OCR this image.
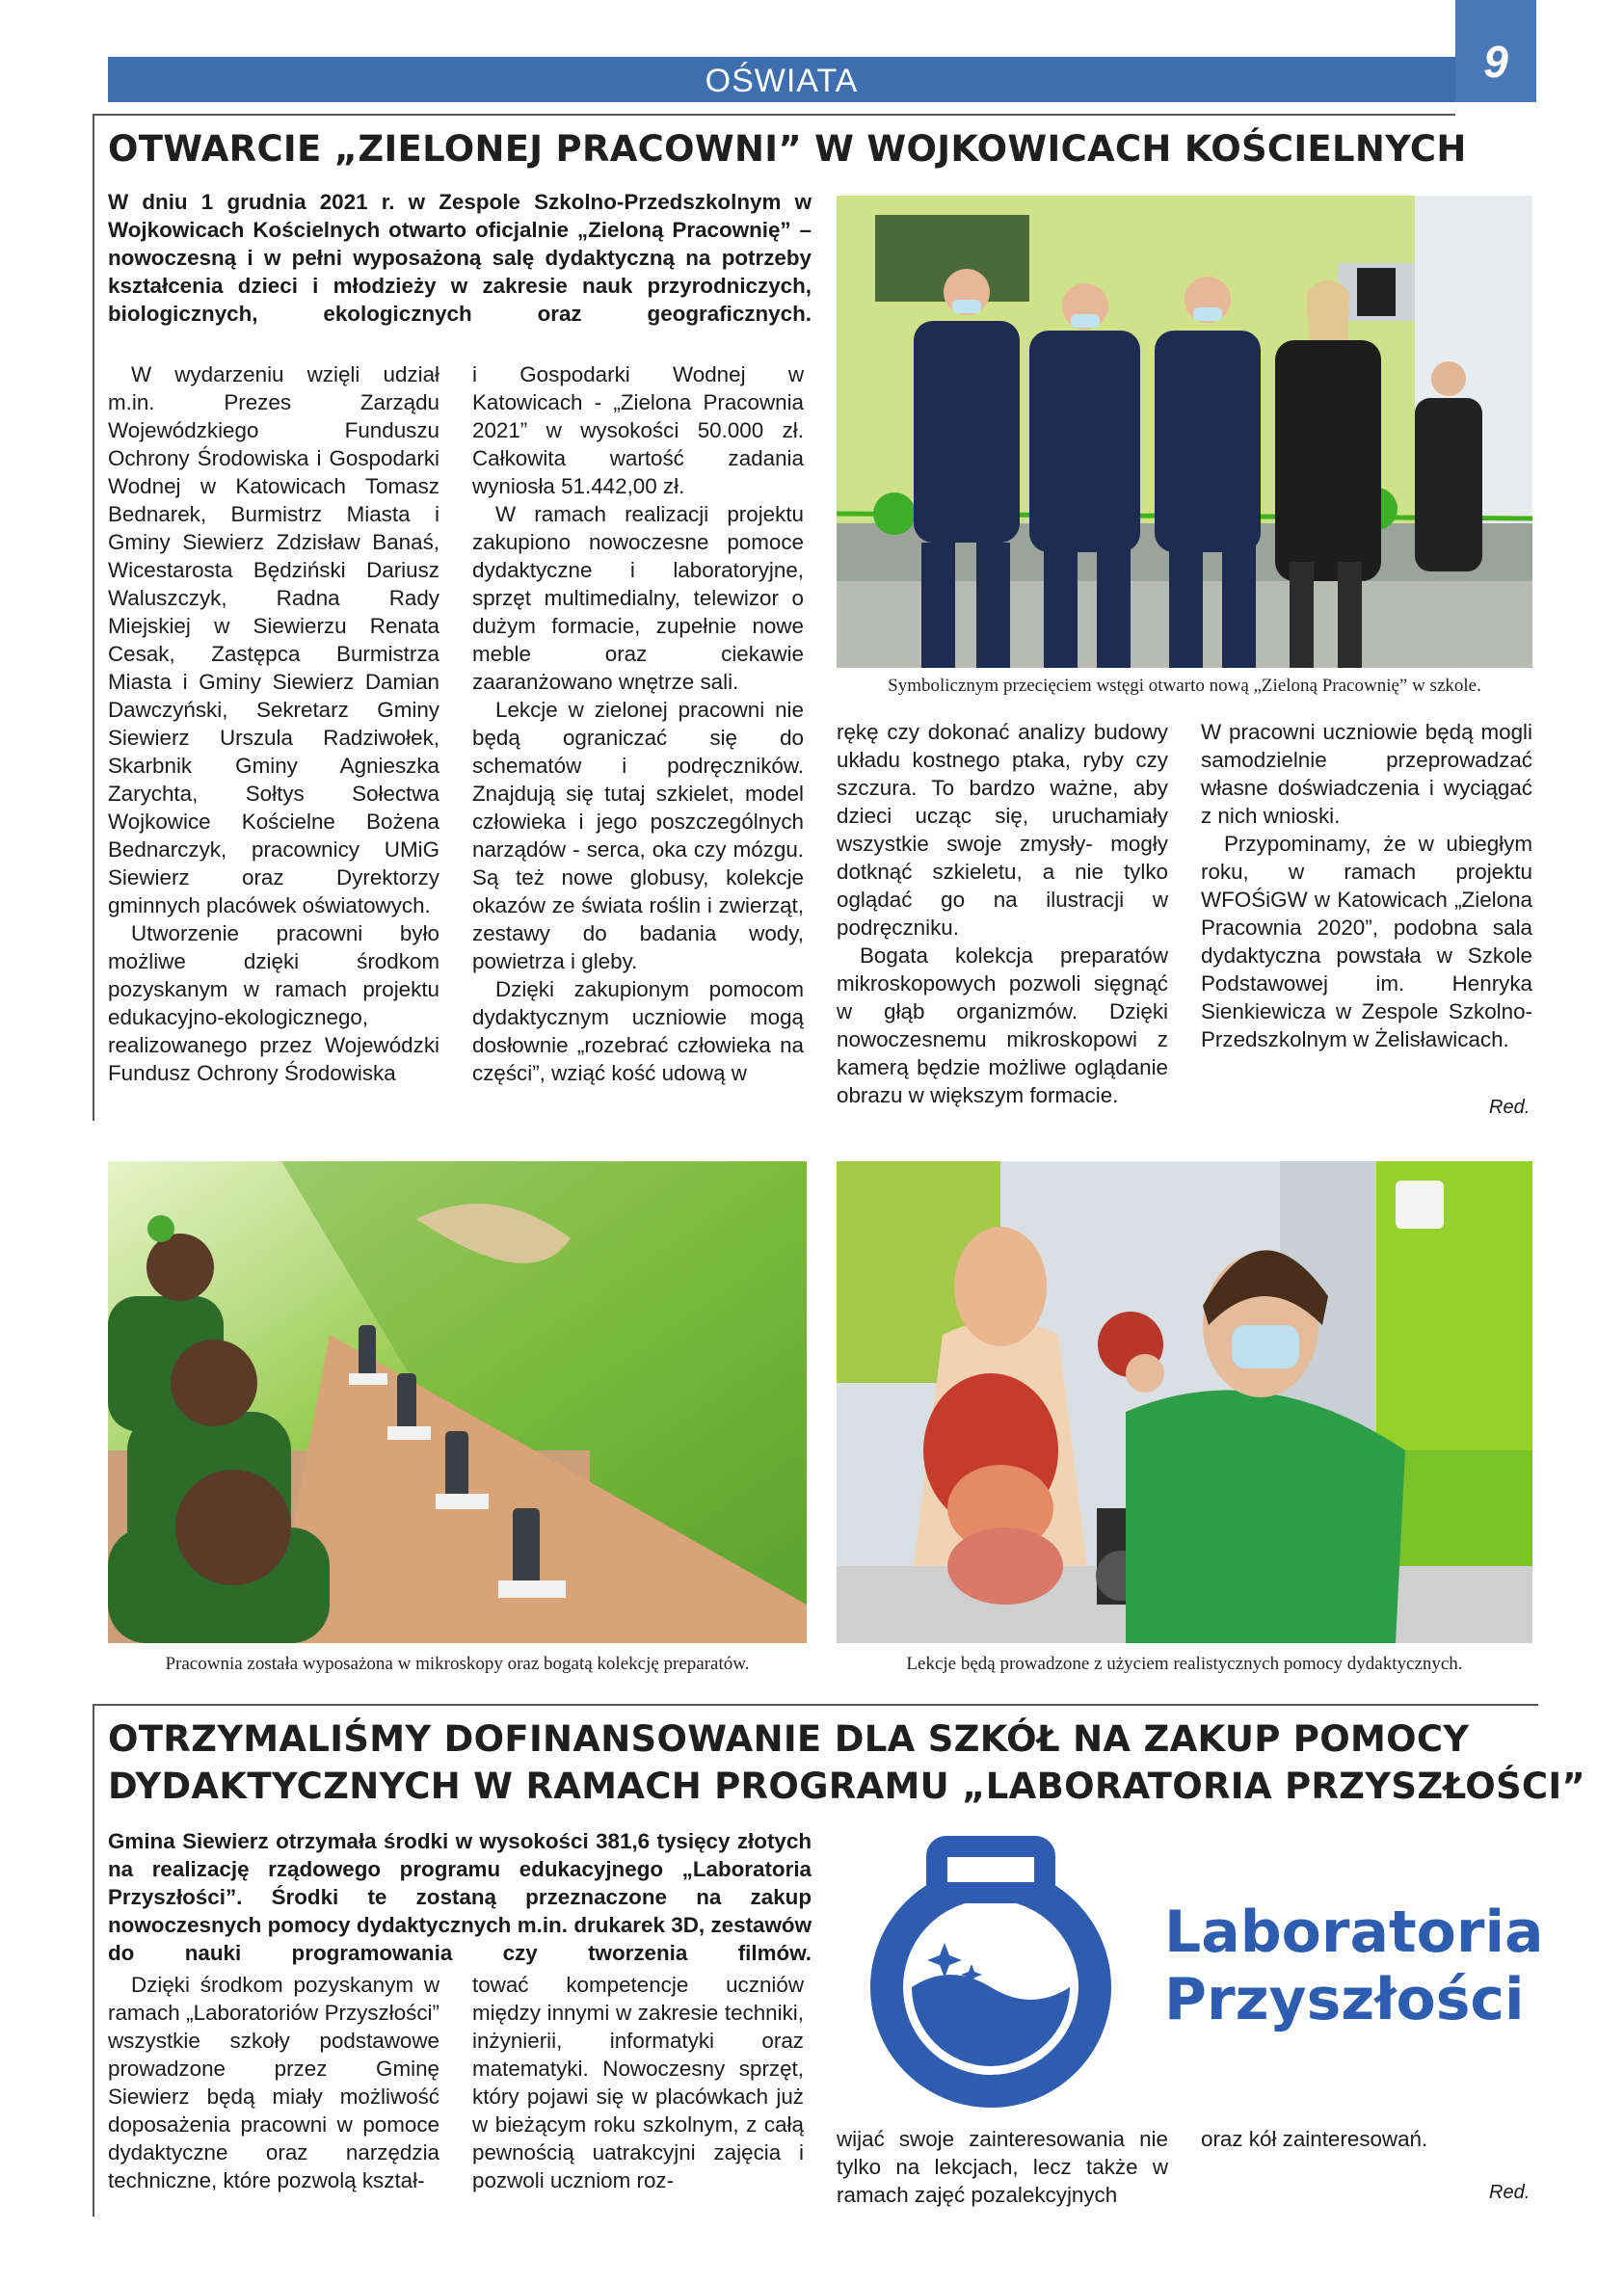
OŚWIATA	9
OTWARCIE „ZIELONEJ PRACOWNI” W WOJKOWICACH KOŚCIELNYCH
W dniu 1 grudnia 2021 r. w Zespole Szkolno-Przedszkolnym w Wojkowicach Kościelnych otwarto oficjalnie „Zieloną Pracownię” – nowoczesną i w pełni wyposażoną salę dydaktyczną na potrzeby kształcenia dzieci i młodzieży w zakresie nauk przyrodniczych, biologicznych, ekologicznych oraz geograficznych.

W wydarzeniu wzięli udział m.in. Prezes Zarządu Wojewódzkiego Funduszu Ochrony Środowiska i Gospodarki Wodnej w Katowicach Tomasz Bednarek, Burmistrz Miasta i Gminy Siewierz Zdzisław Banaś, Wicestarosta Będziński Dariusz Waluszczyk, Radna Rady Miejskiej w Siewierzu Renata Cesak, Zastępca Burmistrza Miasta i Gminy Siewierz Damian Dawczyński, Sekretarz Gminy Siewierz Urszula Radziwołek, Skarbnik Gminy Agnieszka Zarychta, Sołtys Sołectwa Wojkowice Kościelne Bożena Bednarczyk, pracownicy UMiG Siewierz oraz Dyrektorzy gminnych placówek oświatowych.

Utworzenie pracowni było możliwe dzięki środkom pozyskanym w ramach projektu edukacyjno-ekologicznego, realizowanego przez Wojewódzki Fundusz Ochrony Środowiska

i Gospodarki Wodnej w Katowicach - „Zielona Pracownia 2021” w wysokości 50.000 zł. Całkowita wartość zadania wyniosła 51.442,00 zł.

W ramach realizacji projektu zakupiono nowoczesne pomoce dydaktyczne i laboratoryjne, sprzęt multimedialny, telewizor o dużym formacie, zupełnie nowe meble oraz ciekawie zaaranżowano wnętrze sali.

Lekcje w zielonej pracowni nie będą ograniczać się do schematów i podręczników. Znajdują się tutaj szkielet, model człowieka i jego poszczególnych narządów - serca, oka czy mózgu. Są też nowe globusy, kolekcje okazów ze świata roślin i zwierząt, zestawy do badania wody, powietrza i gleby.

Dzięki zakupionym pomocom dydaktycznym uczniowie mogą dosłownie „rozebrać człowieka na części”, wziąć kość udową w

rękę czy dokonać analizy budowy układu kostnego ptaka, ryby czy szczura. To bardzo ważne, aby dzieci ucząc się, uruchamiały wszystkie swoje zmysły- mogły dotknąć szkieletu, a nie tylko oglądać go na ilustracji w podręczniku.

Bogata kolekcja preparatów mikroskopowych pozwoli sięgnąć w głąb organizmów. Dzięki nowoczesnemu mikroskopowi z kamerą będzie możliwe oglądanie obrazu w większym formacie.

W pracowni uczniowie będą mogli samodzielnie przeprowadzać własne doświadczenia i wyciągać z nich wnioski.

Przypominamy, że w ubiegłym roku, w ramach projektu WFOŚiGW w Katowicach „Zielona Pracownia 2020”, podobna sala dydaktyczna powstała w Szkole Podstawowej im. Henryka Sienkiewicza w Zespole Szkolno-Przedszkolnym w Żelisławicach.

Red.
Symbolicznym przecięciem wstęgi otwarto nową „Zieloną Pracownię” w szkole.
Pracownia została wyposażona w mikroskopy oraz bogatą kolekcję preparatów.	Lekcje będą prowadzone z użyciem realistycznych pomocy dydaktycznych.
OTRZYMALIŚMY DOFINANSOWANIE DLA SZKÓŁ NA ZAKUP POMOCY
DYDAKTYCZNYCH W RAMACH PROGRAMU „LABORATORIA PRZYSZŁOŚCI”
Gmina Siewierz otrzymała środki w wysokości 381,6 tysięcy złotych na realizację rządowego programu edukacyjnego „Laboratoria Przyszłości”. Środki te zostaną przeznaczone na zakup nowoczesnych pomocy dydaktycznych m.in. drukarek 3D, zestawów do nauki programowania czy tworzenia filmów.

Dzięki środkom pozyskanym w ramach „Laboratoriów Przyszłości” wszystkie szkoły podstawowe prowadzone przez Gminę Siewierz będą miały możliwość doposażenia pracowni w pomoce dydaktyczne oraz narzędzia techniczne, które pozwolą kształ-

tować kompetencje uczniów między innymi w zakresie techniki, inżynierii, informatyki oraz matematyki. Nowoczesny sprzęt, który pojawi się w placówkach już w bieżącym roku szkolnym, z całą pewnością uatrakcyjni zajęcia i pozwoli uczniom roz-

wijać swoje zainteresowania nie tylko na lekcjach, lecz także w ramach zajęć pozalekcyjnych

oraz kół zainteresowań.

Red.
Laboratoria
Przyszłości
